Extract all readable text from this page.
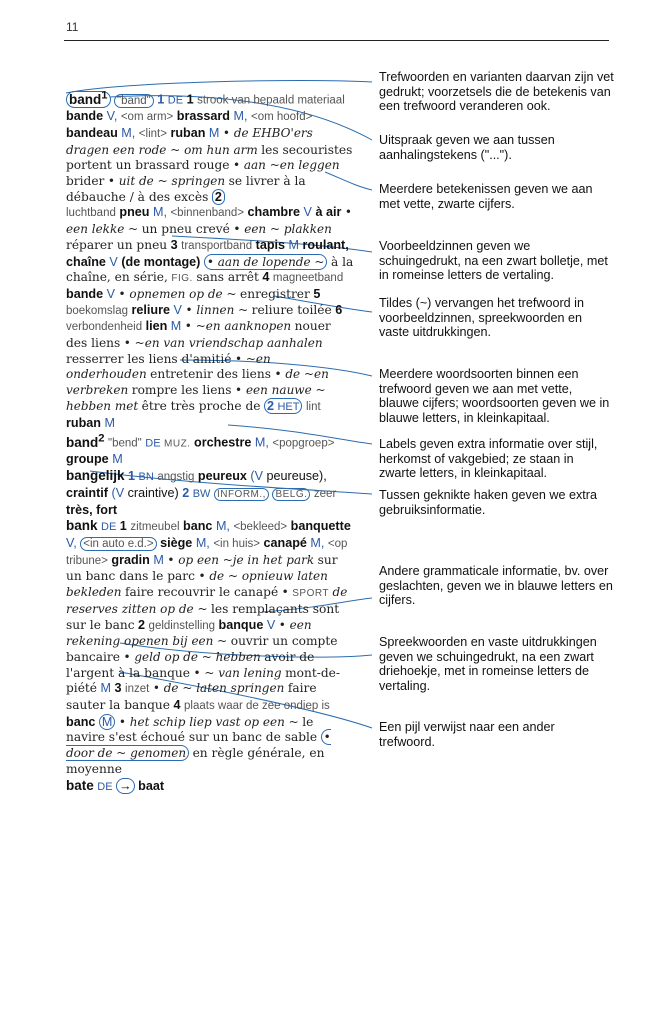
11
band$^1$ "band" 1 DE 1 strook van bepaald materiaal
bande V, <om arm> brassard M, <om hoofd>
bandeau M, <lint> ruban M • de EHBO'ers dragen een rode ~ om hun arm les secouristes portent un brassard rouge • aan ~en leggen brider • uit de ~ springen se livrer à la débauche / à des excès 2
luchtband pneu M, <binnenband> chambre V à air • een lekke ~ un pneu crevé • een ~ plakken réparer un pneu 3 transportband tapis M roulant, chaîne V (de montage) • aan de lopende ~ à la chaîne, en série, FIG. sans arrêt 4 magneetband bande V • opnemen op de ~ enregistrer 5 boekomslag reliure V • linnen ~ reliure toilée 6 verbondenheid lien M • ~en aanknopen nouer des liens • ~en van vriendschap aanhalen resserrer les liens d'amitié • ~en onderhouden entretenir des liens • de ~en verbreken rompre les liens • een nauwe ~ hebben met être très proche de 2 HET lint ruban M
band$^2$ "bend" DE MUZ. orchestre M, <popgroep> groupe M
bangelijk 1 BN angstig peureux (V peureuse), craintif (V craintive) 2 BW INFORM., BELG. zeer très, fort
bank DE 1 zitmeubel banc M, <bekleed> banquette V, <in auto e.d.> siège M, <in huis> canapé M, <op tribune> gradin M • op een ~je in het park sur un banc dans le parc • de ~ opnieuw laten bekleden faire recouvrir le canapé • SPORT de reserves zitten op de ~ les remplaçants sont sur le banc 2 geldinstelling banque V • een rekening openen bij een ~ ouvrir un compte bancaire • geld op de ~ hebben avoir de l'argent à la banque • ~ van lening mont-de-piété M 3 inzet • de ~ laten springen faire sauter la banque 4 plaats waar de zee ondiep is banc M • het schip liep vast op een ~ le navire s'est échoué sur un banc de sable • door de ~ genomen en règle générale, en moyenne
bate DE → baat
Trefwoorden en varianten daarvan zijn vet gedrukt; voorzetsels die de betekenis van een trefwoord veranderen ook.
Uitspraak geven we aan tussen aanhalingstekens ("...").
Meerdere betekenissen geven we aan met vette, zwarte cijfers.
Voorbeeldzinnen geven we schuingedrukt, na een zwart bolletje, met in romeinse letters de vertaling.
Tildes (~) vervangen het trefwoord in voorbeeldzinnen, spreekwoorden en vaste uitdrukkingen.
Meerdere woordsoorten binnen een trefwoord geven we aan met vette, blauwe cijfers; woordsoorten geven we in blauwe letters, in kleinkapitaal.
Labels geven extra informatie over stijl, herkomst of vakgebied; ze staan in zwarte letters, in kleinkapitaal.
Tussen geknikte haken geven we extra gebruiksinformatie.
Andere grammaticale informatie, bv. over geslachten, geven we in blauwe letters en cijfers.
Spreekwoorden en vaste uitdrukkingen geven we schuingedrukt, na een zwart driehoekje, met in romeinse letters de vertaling.
Een pijl verwijst naar een ander trefwoord.
